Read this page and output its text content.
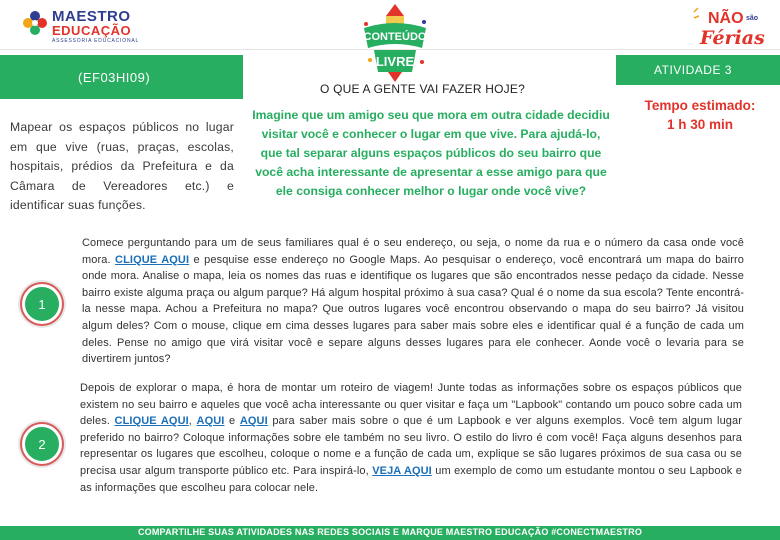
MAESTRO
EDUCAÇÃO
ASSESSORIA EDUCACIONAL	CONTEÚDO
LIVRE
NÃO são
Férias
(EF03HI09)	ATIVIDADE 3

Mapear os espaços públicos no lugar em que vive (ruas, praças, escolas, hospitais, prédios da Prefeitura e da Câmara de Vereadores etc.) e identificar suas funções.

O QUE A GENTE VAI FAZER HOJE?

Imagine que um amigo seu que mora em outra cidade decidiu visitar você e conhecer o lugar em que vive. Para ajudá-lo, que tal separar alguns espaços públicos do seu bairro que você acha interessante de apresentar a esse amigo para que ele consiga conhecer melhor o lugar onde você vive?

Tempo estimado:
1 h 30 min
1

Comece perguntando para um de seus familiares qual é o seu endereço, ou seja, o nome da rua e o número da casa onde você mora. CLIQUE AQUI e pesquise esse endereço no Google Maps. Ao pesquisar o endereço, você encontrará um mapa do bairro onde mora. Analise o mapa, leia os nomes das ruas e identifique os lugares que são encontrados nesse pedaço da cidade. Nesse bairro existe alguma praça ou algum parque? Há algum hospital próximo à sua casa? Qual é o nome da sua escola? Tente encontrá-la nesse mapa. Achou a Prefeitura no mapa? Que outros lugares você encontrou observando o mapa do seu bairro? Já visitou algum deles? Com o mouse, clique em cima desses lugares para saber mais sobre eles e identificar qual é a função de cada um deles. Pense no amigo que virá visitar você e separe alguns desses lugares para ele conhecer. Aonde você o levaria para se divertirem juntos?

2

Depois de explorar o mapa, é hora de montar um roteiro de viagem! Junte todas as informações sobre os espaços públicos que existem no seu bairro e aqueles que você acha interessante ou quer visitar e faça um "Lapbook" contando um pouco sobre cada um deles. CLIQUE AQUI, AQUI e AQUI para saber mais sobre o que é um Lapbook e ver alguns exemplos. Você tem algum lugar preferido no bairro? Coloque informações sobre ele também no seu livro. O estilo do livro é com você! Faça alguns desenhos para representar os lugares que escolheu, coloque o nome e a função de cada um, explique se são lugares próximos de sua casa ou se precisa usar algum transporte público etc. Para inspirá-lo, VEJA AQUI um exemplo de como um estudante montou o seu Lapbook e as informações que escolheu para colocar nele.

COMPARTILHE SUAS ATIVIDADES NAS REDES SOCIAIS E MARQUE MAESTRO EDUCAÇÃO #CONECTMAESTRO
